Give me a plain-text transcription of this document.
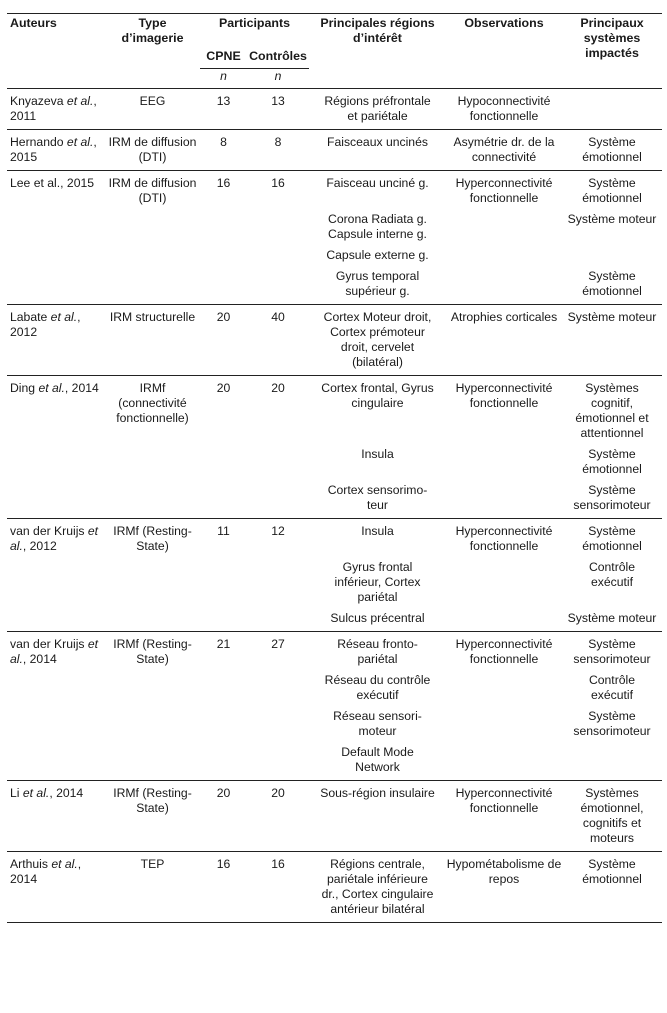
Auteurs	Type d’imagerie	Participants		Principales régions d’intérêt	Observations	Principaux systèmes impactés
		CPNE	Contrôles			
		n	n			
Knyazeva et al., 2011	EEG	13	13	Régions préfrontale et pariétale	Hypoconnectivité fonctionnelle	
Hernando et al., 2015	IRM de diffusion (DTI)	8	8	Faisceaux uncinés	Asymétrie dr. de la connectivité	Système émotionnel
Lee et al., 2015	IRM de diffusion (DTI)	16	16	Faisceau unciné g.	Hyperconnectivité fonctionnelle	Système émotionnel
				Corona Radiata g. Capsule interne g.		Système moteur
				Capsule externe g.		
				Gyrus temporal supérieur g.		Système émotionnel
Labate et al., 2012	IRM structurelle	20	40	Cortex Moteur droit, Cortex prémoteur droit, cervelet (bilatéral)	Atrophies corticales	Système moteur
Ding et al., 2014	IRMf (connectivité fonctionnelle)	20	20	Cortex frontal, Gyrus cingulaire	Hyperconnectivité fonctionnelle	Systèmes cognitif, émotionnel et attentionnel
				Insula		Système émotionnel
				Cortex sensorimo-teur		Système sensorimoteur
van der Kruijs et al., 2012	IRMf (Resting-State)	11	12	Insula	Hyperconnectivité fonctionnelle	Système émotionnel
				Gyrus frontal inférieur, Cortex pariétal		Contrôle exécutif
				Sulcus précentral		Système moteur
van der Kruijs et al., 2014	IRMf (Resting-State)	21	27	Réseau fronto-pariétal	Hyperconnectivité fonctionnelle	Système sensorimoteur
				Réseau du contrôle exécutif		Contrôle exécutif
				Réseau sensori-moteur		Système sensorimoteur
				Default Mode Network		
Li et al., 2014	IRMf (Resting-State)	20	20	Sous-région insulaire	Hyperconnectivité fonctionnelle	Systèmes émotionnel, cognitifs et moteurs
Arthuis et al., 2014	TEP	16	16	Régions centrale, pariétale inférieure dr., Cortex cingulaire antérieur bilatéral	Hypométabolisme de repos	Système émotionnel
